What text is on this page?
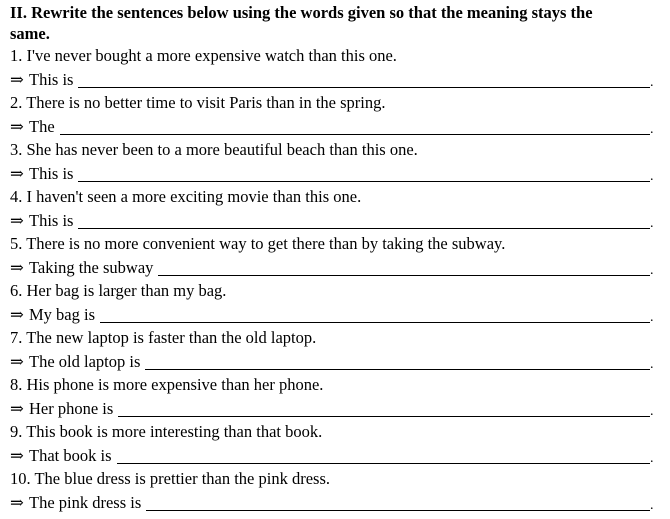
II. Rewrite the sentences below using the words given so that the meaning stays the
same.
1. I've never bought a more expensive watch than this one.
⇒ This is	.
2. There is no better time to visit Paris than in the spring.
⇒ The	.
3. She has never been to a more beautiful beach than this one.
⇒ This is	.
4. I haven't seen a more exciting movie than this one.
⇒ This is	.
5. There is no more convenient way to get there than by taking the subway.
⇒ Taking the subway	.
6. Her bag is larger than my bag.
⇒ My bag is	.
7. The new laptop is faster than the old laptop.
⇒ The old laptop is	.
8. His phone is more expensive than her phone.
⇒ Her phone is	.
9. This book is more interesting than that book.
⇒ That book is	.
10. The blue dress is prettier than the pink dress.
⇒ The pink dress is	.
